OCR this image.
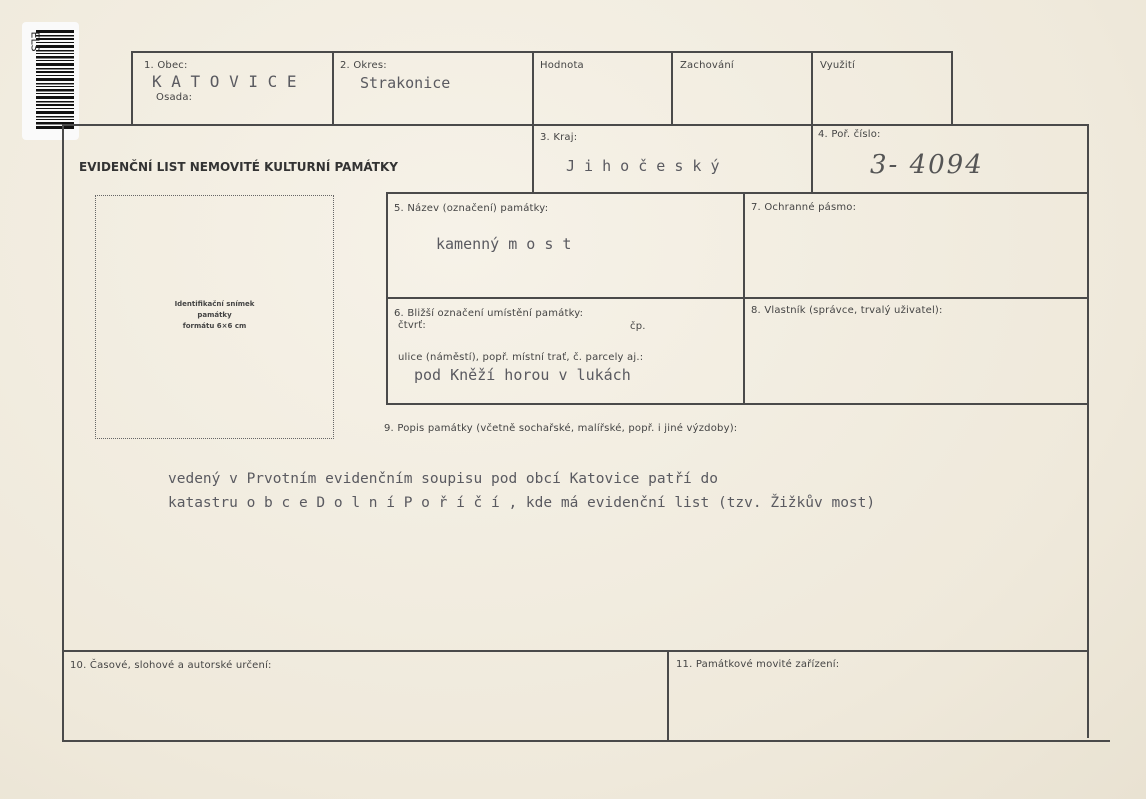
ELS
1. Obec:
K A T O V I C E
Osada:
2. Okres:
Strakonice
Hodnota	Zachování	Využití
EVIDENČNÍ LIST NEMOVITÉ KULTURNÍ PAMÁTKY
3. Kraj:
J i h o č e s k ý
4. Poř. číslo:
3- 4094
Identifikační snímek
památky
formátu 6×6 cm
5. Název (označení) památky:
kamenný m o s t
7. Ochranné pásmo:
6. Bližší označení umístění památky:
čtvrť:	čp.
ulice (náměstí), popř. místní trať, č. parcely aj.:
pod Kněží horou v lukách
8. Vlastník (správce, trvalý uživatel):
9. Popis památky (včetně sochařské, malířské, popř. i jiné výzdoby):
vedený v Prvotním evidenčním soupisu pod obcí Katovice patří do
katastru o b c e D o l n í P o ř í č í , kde má evidenční list (tzv. Žižkův most)
10. Časové, slohové a autorské určení:	11. Památkové movité zařízení:
